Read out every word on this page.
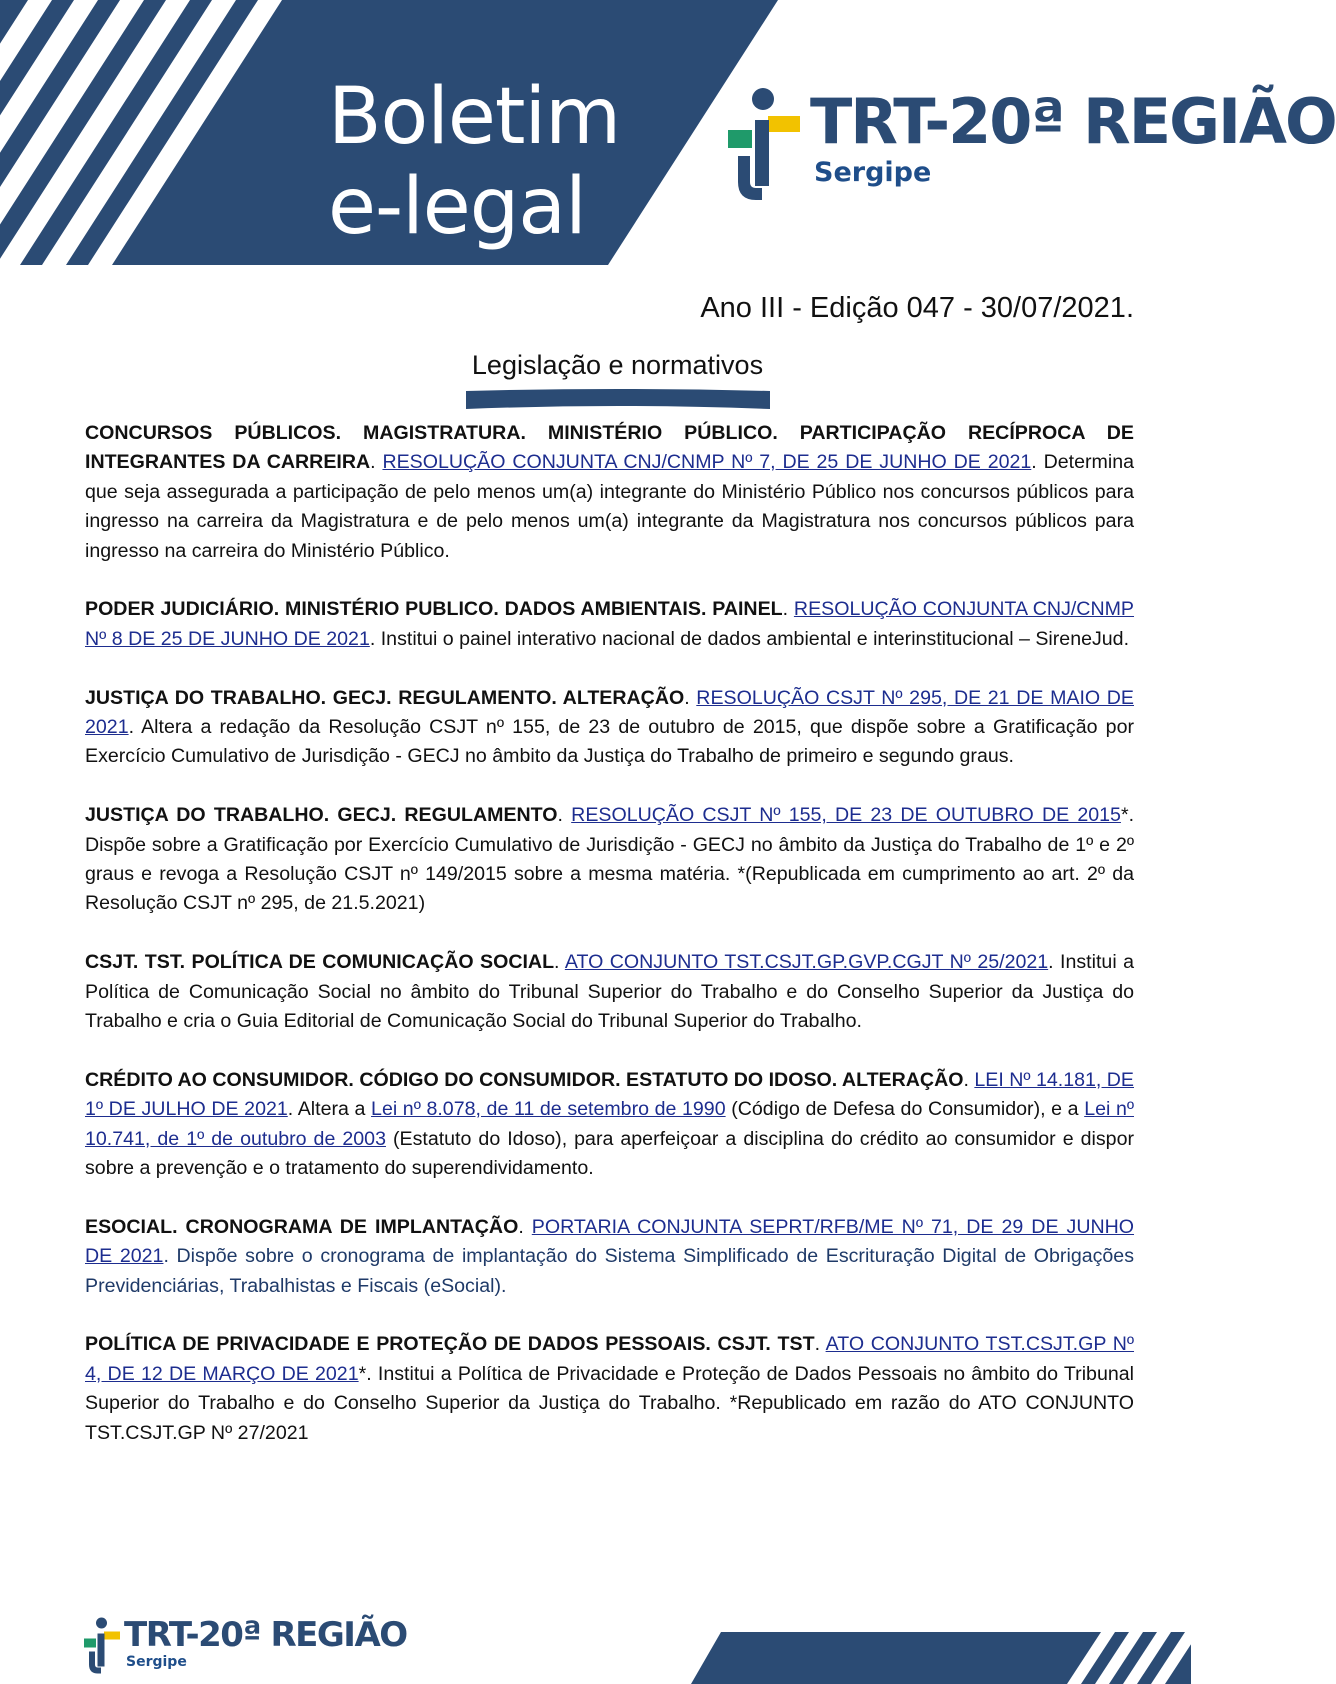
Boletim
e-legal
TRT-20ª REGIÃO
Sergipe
Ano III - Edição 047 - 30/07/2021.
Legislação e normativos

CONCURSOS PÚBLICOS. MAGISTRATURA. MINISTÉRIO PÚBLICO. PARTICIPAÇÃO RECÍPROCA DE INTEGRANTES DA CARREIRA. RESOLUÇÃO CONJUNTA CNJ/CNMP Nº 7, DE 25 DE JUNHO DE 2021. Determina que seja assegurada a participação de pelo menos um(a) integrante do Ministério Público nos concursos públicos para ingresso na carreira da Magistratura e de pelo menos um(a) integrante da Magistratura nos concursos públicos para ingresso na carreira do Ministério Público.

PODER JUDICIÁRIO. MINISTÉRIO PUBLICO. DADOS AMBIENTAIS. PAINEL. RESOLUÇÃO CONJUNTA CNJ/CNMP Nº 8 DE 25 DE JUNHO DE 2021. Institui o painel interativo nacional de dados ambiental e interinstitucional – SireneJud.

JUSTIÇA DO TRABALHO. GECJ. REGULAMENTO. ALTERAÇÃO. RESOLUÇÃO CSJT Nº 295, DE 21 DE MAIO DE 2021. Altera a redação da Resolução CSJT nº 155, de 23 de outubro de 2015, que dispõe sobre a Gratificação por Exercício Cumulativo de Jurisdição - GECJ no âmbito da Justiça do Trabalho de primeiro e segundo graus.

JUSTIÇA DO TRABALHO. GECJ. REGULAMENTO. RESOLUÇÃO CSJT Nº 155, DE 23 DE OUTUBRO DE 2015*. Dispõe sobre a Gratificação por Exercício Cumulativo de Jurisdição - GECJ no âmbito da Justiça do Trabalho de 1º e 2º graus e revoga a Resolução CSJT nº 149/2015 sobre a mesma matéria. *(Republicada em cumprimento ao art. 2º da Resolução CSJT nº 295, de 21.5.2021)

CSJT. TST. POLÍTICA DE COMUNICAÇÃO SOCIAL. ATO CONJUNTO TST.CSJT.GP.GVP.CGJT Nº 25/2021. Institui a Política de Comunicação Social no âmbito do Tribunal Superior do Trabalho e do Conselho Superior da Justiça do Trabalho e cria o Guia Editorial de Comunicação Social do Tribunal Superior do Trabalho.

CRÉDITO AO CONSUMIDOR. CÓDIGO DO CONSUMIDOR. ESTATUTO DO IDOSO. ALTERAÇÃO. LEI Nº 14.181, DE 1º DE JULHO DE 2021. Altera a Lei nº 8.078, de 11 de setembro de 1990 (Código de Defesa do Consumidor), e a Lei nº 10.741, de 1º de outubro de 2003 (Estatuto do Idoso), para aperfeiçoar a disciplina do crédito ao consumidor e dispor sobre a prevenção e o tratamento do superendividamento.

ESOCIAL. CRONOGRAMA DE IMPLANTAÇÃO. PORTARIA CONJUNTA SEPRT/RFB/ME Nº 71, DE 29 DE JUNHO DE 2021. Dispõe sobre o cronograma de implantação do Sistema Simplificado de Escrituração Digital de Obrigações Previdenciárias, Trabalhistas e Fiscais (eSocial).

POLÍTICA DE PRIVACIDADE E PROTEÇÃO DE DADOS PESSOAIS. CSJT. TST. ATO CONJUNTO TST.CSJT.GP Nº 4, DE 12 DE MARÇO DE 2021*. Institui a Política de Privacidade e Proteção de Dados Pessoais no âmbito do Tribunal Superior do Trabalho e do Conselho Superior da Justiça do Trabalho. *Republicado em razão do ATO CONJUNTO TST.CSJT.GP Nº 27/2021

TRT-20ª REGIÃO
Sergipe
